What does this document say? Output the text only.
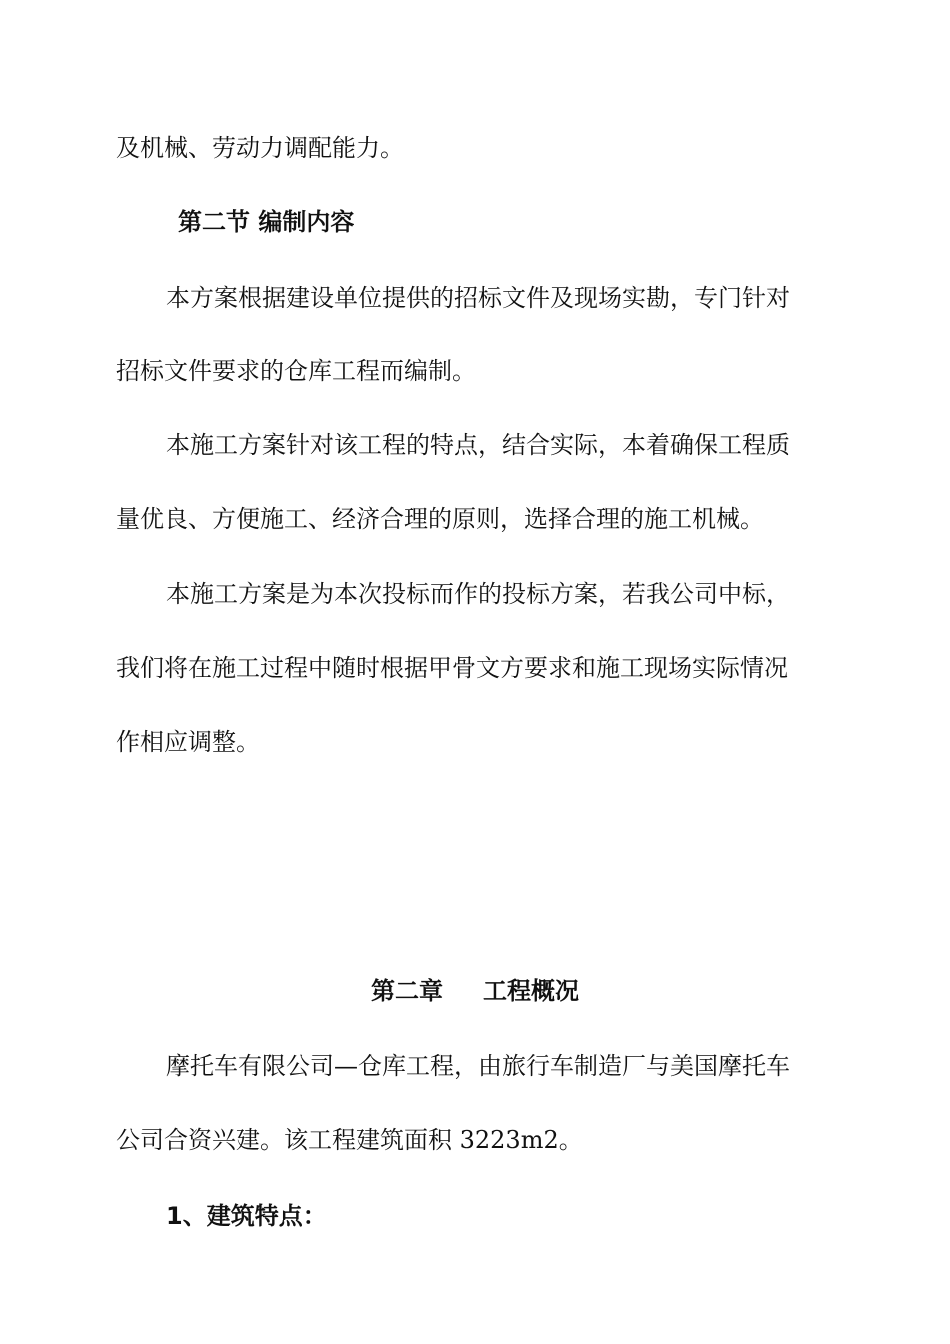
及机械、劳动力调配能力。
第二节 编制内容
本方案根据建设单位提供的招标文件及现场实勘，专门针对
招标文件要求的仓库工程而编制。
本施工方案针对该工程的特点，结合实际，本着确保工程质
量优良、方便施工、经济合理的原则，选择合理的施工机械。
本施工方案是为本次投标而作的投标方案，若我公司中标，
我们将在施工过程中随时根据甲骨文方要求和施工现场实际情况
作相应调整。
第二章 工程概况
摩托车有限公司—仓库工程，由旅行车制造厂与美国摩托车
公司合资兴建。该工程建筑面积 3223m2。
1、建筑特点：
